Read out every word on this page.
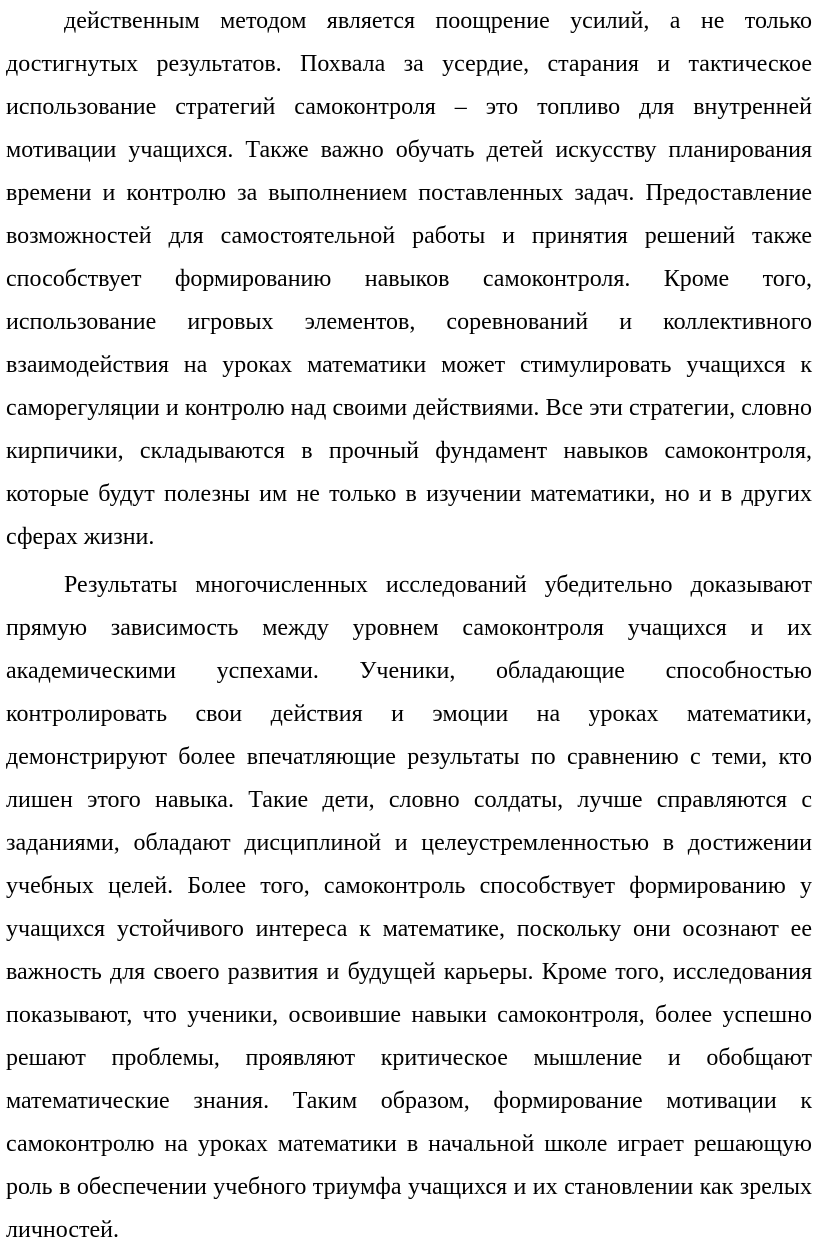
действенным методом является поощрение усилий, а не только
достигнутых результатов. Похвала за усердие, старания и тактическое
использование стратегий самоконтроля – это топливо для внутренней
мотивации учащихся. Также важно обучать детей искусству планирования
времени и контролю за выполнением поставленных задач. Предоставление
возможностей для самостоятельной работы и принятия решений также
способствует формированию навыков самоконтроля. Кроме того,
использование игровых элементов, соревнований и коллективного
взаимодействия на уроках математики может стимулировать учащихся к
саморегуляции и контролю над своими действиями. Все эти стратегии, словно
кирпичики, складываются в прочный фундамент навыков самоконтроля,
которые будут полезны им не только в изучении математики, но и в других
сферах жизни.
Результаты многочисленных исследований убедительно доказывают
прямую зависимость между уровнем самоконтроля учащихся и их
академическими успехами. Ученики, обладающие способностью
контролировать свои действия и эмоции на уроках математики,
демонстрируют более впечатляющие результаты по сравнению с теми, кто
лишен этого навыка. Такие дети, словно солдаты, лучше справляются с
заданиями, обладают дисциплиной и целеустремленностью в достижении
учебных целей. Более того, самоконтроль способствует формированию у
учащихся устойчивого интереса к математике, поскольку они осознают ее
важность для своего развития и будущей карьеры. Кроме того, исследования
показывают, что ученики, освоившие навыки самоконтроля, более успешно
решают проблемы, проявляют критическое мышление и обобщают
математические знания. Таким образом, формирование мотивации к
самоконтролю на уроках математики в начальной школе играет решающую
роль в обеспечении учебного триумфа учащихся и их становлении как зрелых
личностей.
